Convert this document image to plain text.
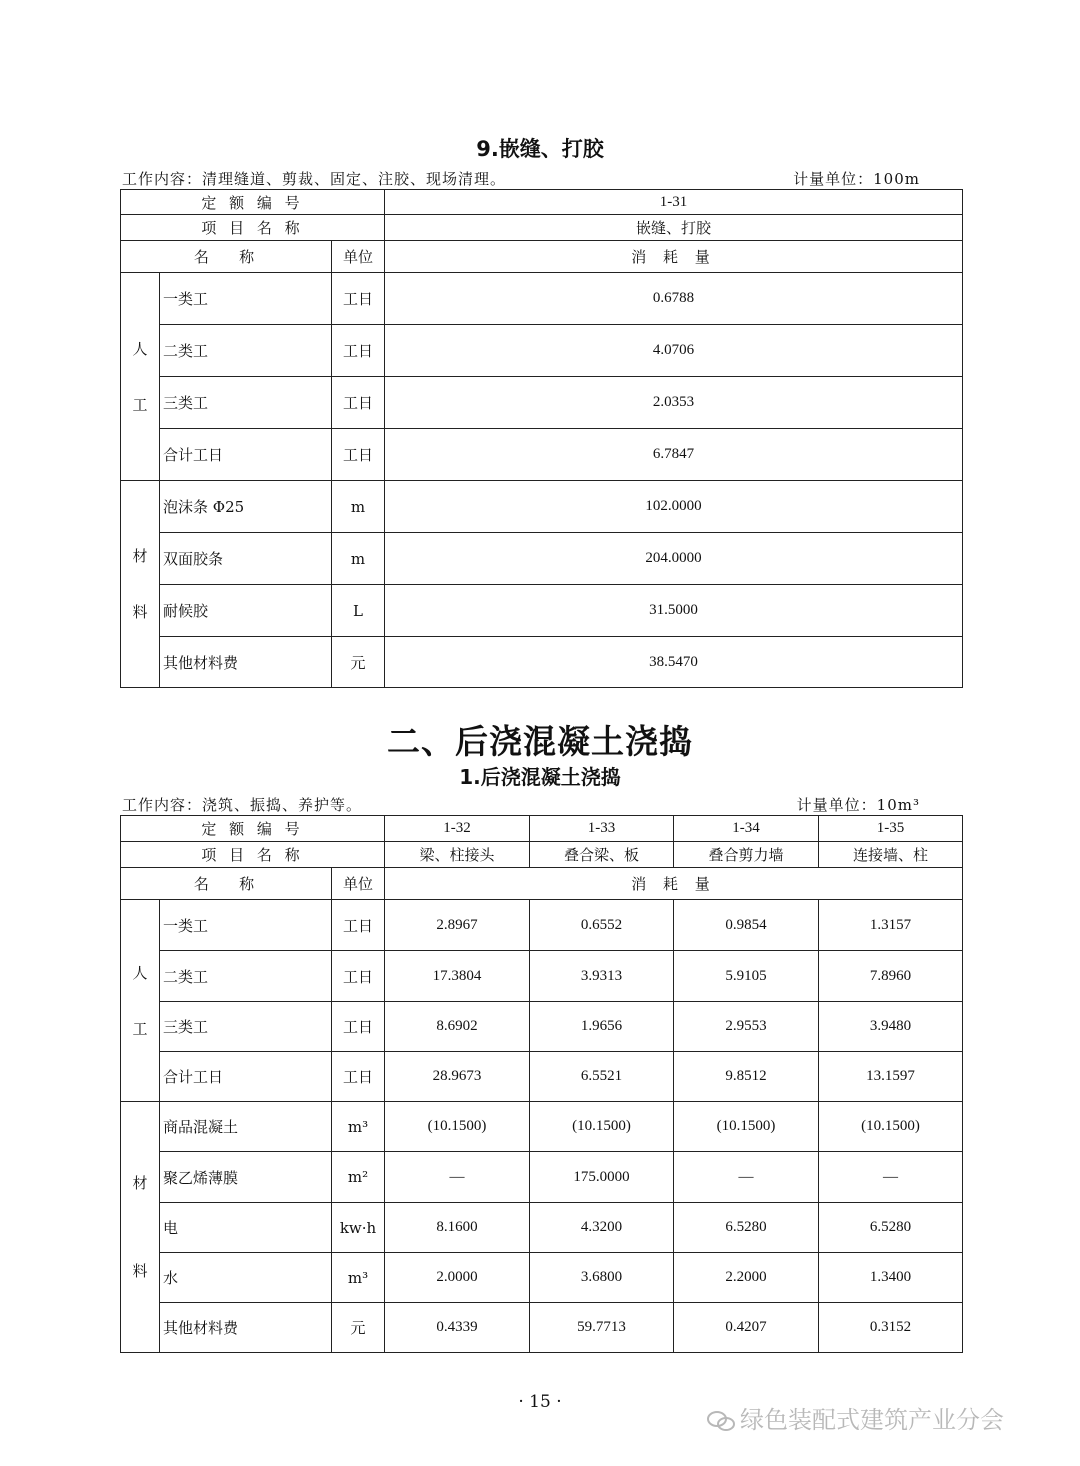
9.嵌缝、打胶
工作内容：清理缝道、剪裁、固定、注胶、现场清理。	计量单位：100m
定 额 编 号			1-31
项 目 名 称			嵌缝、打胶
名   称		单位	消 耗 量
人
工	一类工	工日	0.6788
	二类工	工日	4.0706
	三类工	工日	2.0353
	合计工日	工日	6.7847
材
料	泡沫条 Φ25	m	102.0000
	双面胶条	m	204.0000
	耐候胶	L	31.5000
	其他材料费	元	38.5470
二、后浇混凝土浇捣
1.后浇混凝土浇捣
工作内容：浇筑、振捣、养护等。	计量单位：10m³
定 额 编 号			1-32	1-33	1-34	1-35
项 目 名 称			梁、柱接头	叠合梁、板	叠合剪力墙	连接墙、柱
名   称		单位	消 耗 量			
人
工	一类工	工日	2.8967	0.6552	0.9854	1.3157
	二类工	工日	17.3804	3.9313	5.9105	7.8960
	三类工	工日	8.6902	1.9656	2.9553	3.9480
	合计工日	工日	28.9673	6.5521	9.8512	13.1597
材
料	商品混凝土	m³	(10.1500)	(10.1500)	(10.1500)	(10.1500)
	聚乙烯薄膜	m²	—	175.0000	—	—
	电	kw·h	8.1600	4.3200	6.5280	6.5280
	水	m³	2.0000	3.6800	2.2000	1.3400
	其他材料费	元	0.4339	59.7713	0.4207	0.3152
· 15 ·
绿色装配式建筑产业分会
